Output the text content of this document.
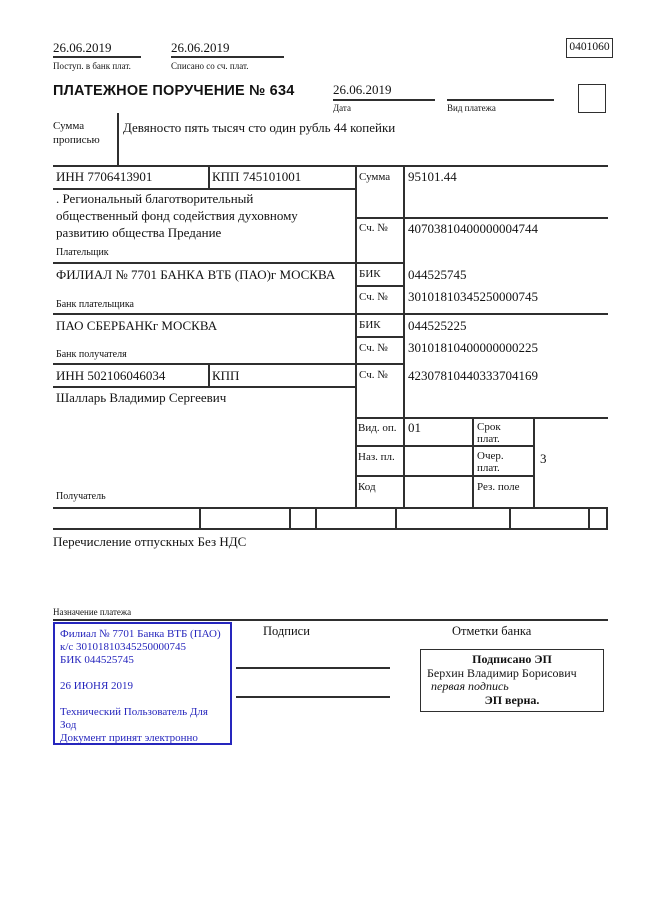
26.06.2019
Поступ. в банк плат.
26.06.2019
Списано со сч. плат.
0401060
ПЛАТЕЖНОЕ ПОРУЧЕНИЕ № 634	26.06.2019
Дата	Вид платежа
Сумма
прописью
Девяносто пять тысяч сто один рубль 44 копейки
ИНН 7706413901	КПП 745101001	Сумма 95101.44
. Региональный благотворительный
общественный фонд содействия духовному
развитию общества Предание	Сч. № 40703810400000004744
Плательщик
ФИЛИАЛ № 7701 БАНКА ВТБ (ПАО)г МОСКВА БИК 044525745
Сч. № 30101810345250000745
Банк плательщика
ПАО СБЕРБАНКг МОСКВА	БИК 044525225
Сч. № 30101810400000000225
Банк получателя
ИНН 502106046034	КПП	Сч. № 42307810440333704169
Шалларь Владимир Сергеевич
Получатель
Вид. оп. 01	Срок плат.
Наз. пл.	Очер. плат.
3
Код	Рез. поле
Перечисление отпускных Без НДС
Назначение платежа
Филиал № 7701 Банка ВТБ (ПАО)
к/с 30101810345250000745
БИК 044525745
26 ИЮНЯ 2019
Технический Пользователь Для
Зод
Документ принят электронно
Подписи	Отметки банка
Подписано ЭП
Берхин Владимир Борисович
первая подпись
ЭП верна.
